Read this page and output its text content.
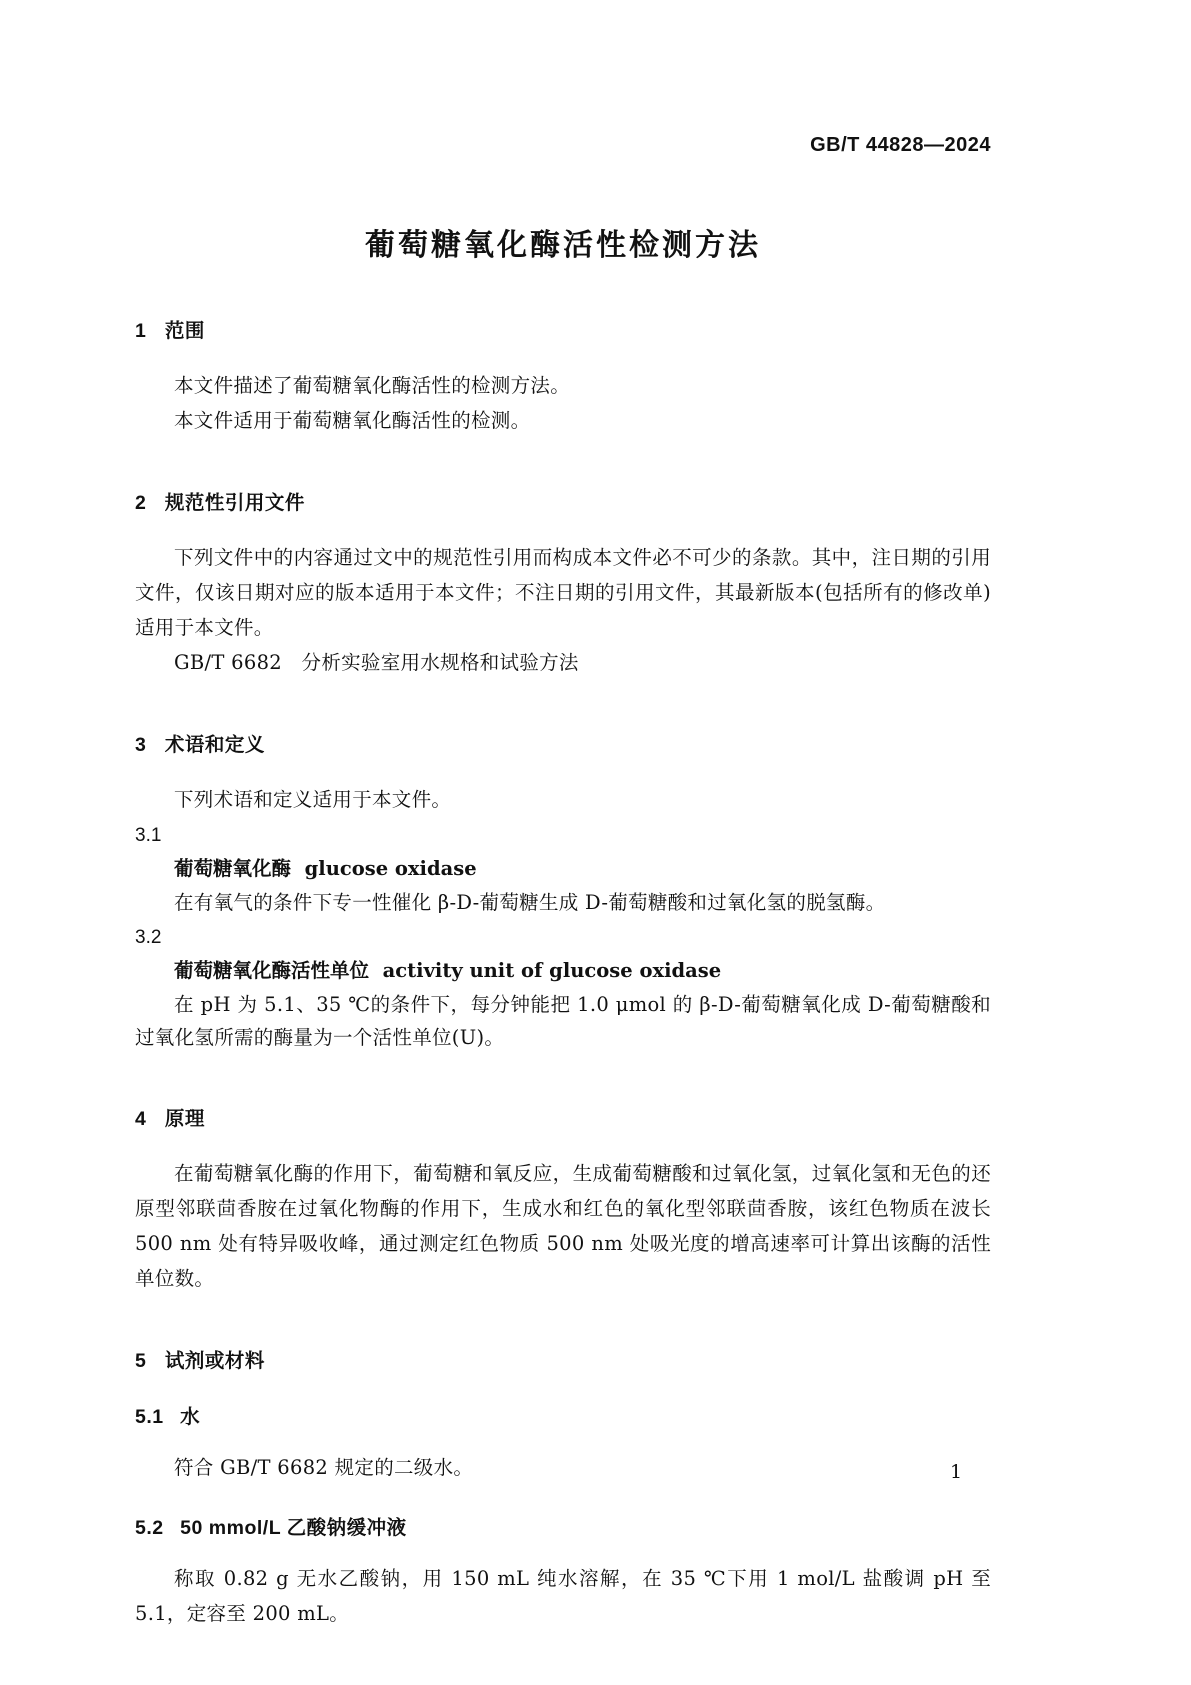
GB/T 44828—2024
葡萄糖氧化酶活性检测方法
1 范围

本文件描述了葡萄糖氧化酶活性的检测方法。

本文件适用于葡萄糖氧化酶活性的检测。

2 规范性引用文件

下列文件中的内容通过文中的规范性引用而构成本文件必不可少的条款。其中，注日期的引用文件，仅该日期对应的版本适用于本文件；不注日期的引用文件，其最新版本(包括所有的修改单)适用于本文件。

GB/T 6682 分析实验室用水规格和试验方法

3 术语和定义

下列术语和定义适用于本文件。

3.1

葡萄糖氧化酶 glucose oxidase

在有氧气的条件下专一性催化 β-D-葡萄糖生成 D-葡萄糖酸和过氧化氢的脱氢酶。

3.2

葡萄糖氧化酶活性单位 activity unit of glucose oxidase

在 pH 为 5.1、35 ℃的条件下，每分钟能把 1.0 μmol 的 β-D-葡萄糖氧化成 D-葡萄糖酸和过氧化氢所需的酶量为一个活性单位(U)。

4 原理

在葡萄糖氧化酶的作用下，葡萄糖和氧反应，生成葡萄糖酸和过氧化氢，过氧化氢和无色的还原型邻联茴香胺在过氧化物酶的作用下，生成水和红色的氧化型邻联茴香胺，该红色物质在波长 500 nm 处有特异吸收峰，通过测定红色物质 500 nm 处吸光度的增高速率可计算出该酶的活性单位数。

5 试剂或材料
5.1 水

符合 GB/T 6682 规定的二级水。

5.2 50 mmol/L 乙酸钠缓冲液

称取 0.82 g 无水乙酸钠，用 150 mL 纯水溶解，在 35 ℃下用 1 mol/L 盐酸调 pH 至 5.1，定容至 200 mL。

1
